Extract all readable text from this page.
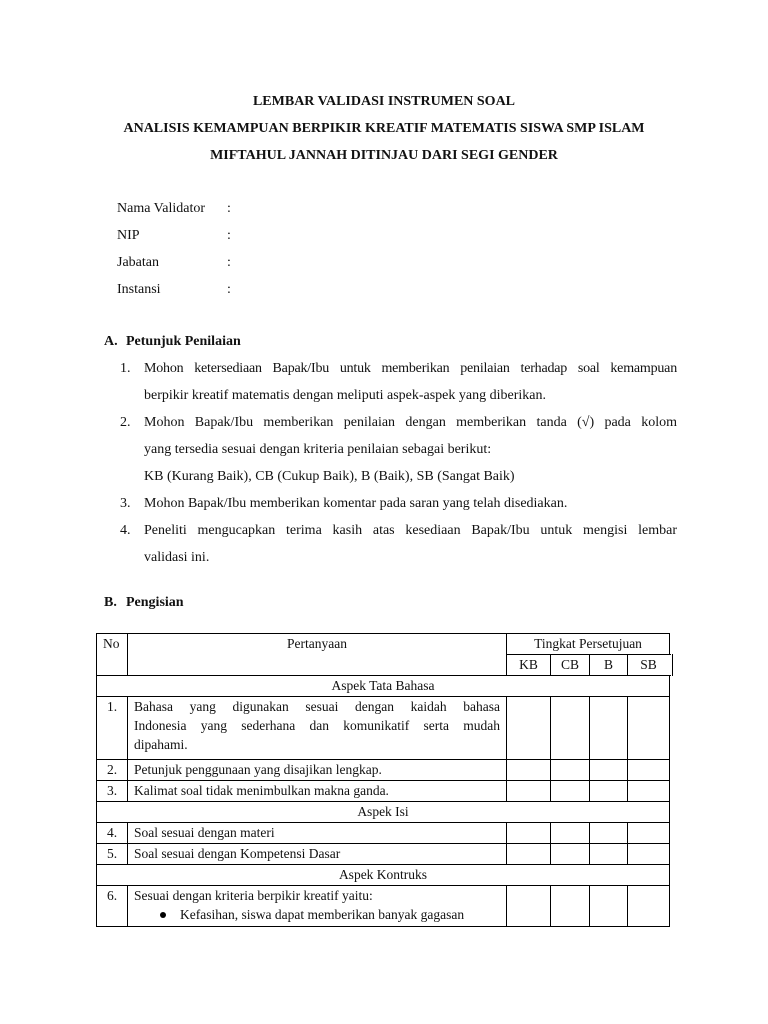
LEMBAR VALIDASI INSTRUMEN SOAL
ANALISIS KEMAMPUAN BERPIKIR KREATIF MATEMATIS SISWA SMP ISLAM
MIFTAHUL JANNAH DITINJAU DARI SEGI GENDER
Nama Validator :
NIP	:
Jabatan	:
Instansi	:
A. Petunjuk Penilaian
1. Mohon ketersediaan Bapak/Ibu untuk memberikan penilaian terhadap soal kemampuan
berpikir kreatif matematis dengan meliputi aspek-aspek yang diberikan.
2. Mohon Bapak/Ibu memberikan penilaian dengan memberikan tanda (√) pada kolom
yang tersedia sesuai dengan kriteria penilaian sebagai berikut:
KB (Kurang Baik), CB (Cukup Baik), B (Baik), SB (Sangat Baik)
3. Mohon Bapak/Ibu memberikan komentar pada saran yang telah disediakan.
4. Peneliti mengucapkan terima kasih atas kesediaan Bapak/Ibu untuk mengisi lembar
validasi ini.
B. Pengisian
No	Pertanyaan	Tingkat Persetujuan
KB	CB	B	SB
Aspek Tata Bahasa
1.	Bahasa yang digunakan sesuai dengan kaidah bahasa
Indonesia yang sederhana dan komunikatif serta mudah
dipahami.
2.	Petunjuk penggunaan yang disajikan lengkap.
3.	Kalimat soal tidak menimbulkan makna ganda.
Aspek Isi
4.	Soal sesuai dengan materi
5.	Soal sesuai dengan Kompetensi Dasar
Aspek Kontruks
6.	Sesuai dengan kriteria berpikir kreatif yaitu:
Kefasihan, siswa dapat memberikan banyak gagasan
